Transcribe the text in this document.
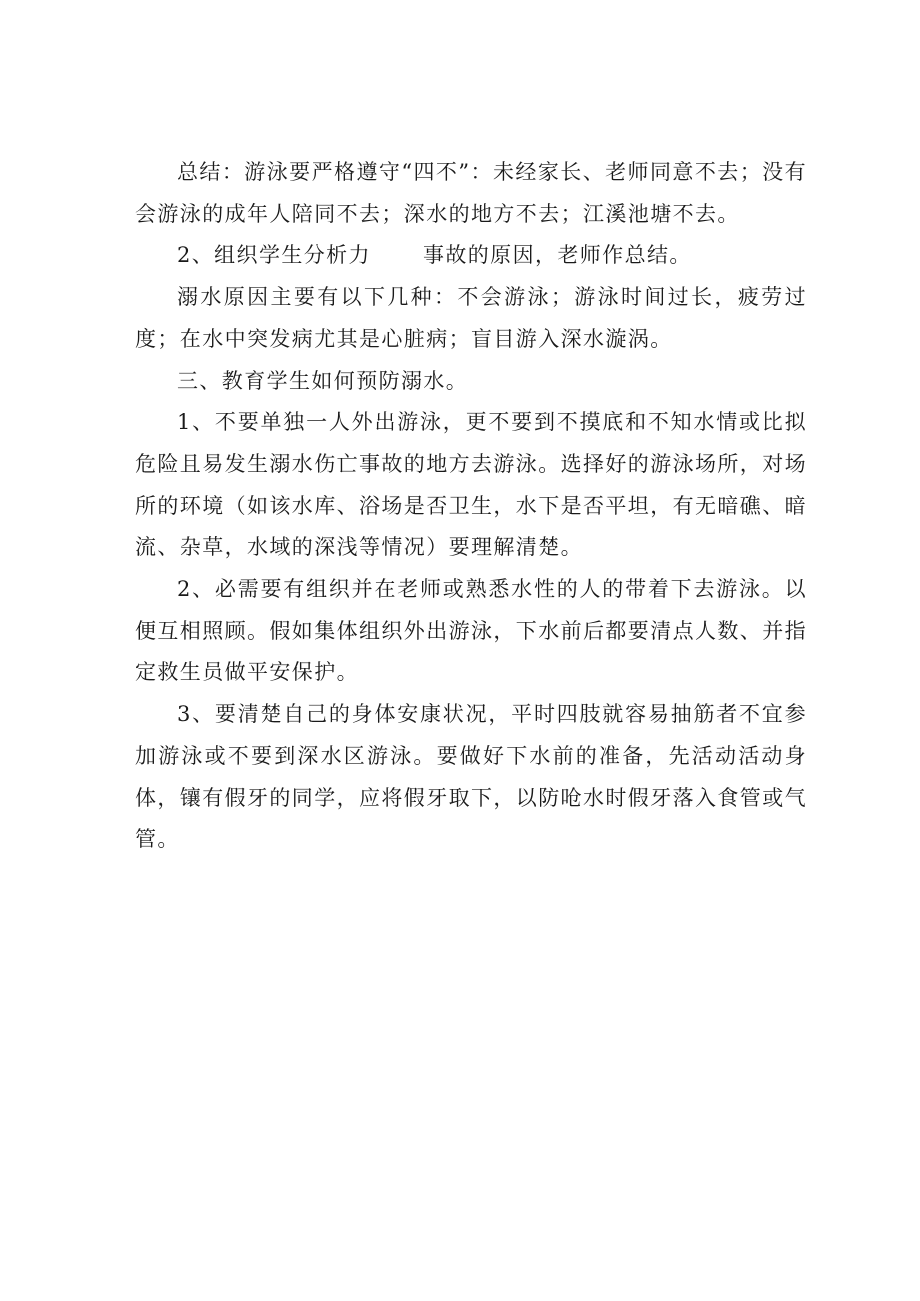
总结：游泳要严格遵守“四不”：未经家长、老师同意不去；没有会游泳的成年人陪同不去；深水的地方不去；江溪池塘不去。

2、组织学生分析力 事故的原因，老师作总结。

溺水原因主要有以下几种：不会游泳；游泳时间过长，疲劳过度；在水中突发病尤其是心脏病；盲目游入深水漩涡。

三、教育学生如何预防溺水。

1、不要单独一人外出游泳，更不要到不摸底和不知水情或比拟危险且易发生溺水伤亡事故的地方去游泳。选择好的游泳场所，对场所的环境（如该水库、浴场是否卫生，水下是否平坦，有无暗礁、暗流、杂草，水域的深浅等情况）要理解清楚。

2、必需要有组织并在老师或熟悉水性的人的带着下去游泳。以便互相照顾。假如集体组织外出游泳，下水前后都要清点人数、并指定救生员做平安保护。

3、要清楚自己的身体安康状况，平时四肢就容易抽筋者不宜参加游泳或不要到深水区游泳。要做好下水前的准备，先活动活动身体，镶有假牙的同学，应将假牙取下，以防呛水时假牙落入食管或气管。
